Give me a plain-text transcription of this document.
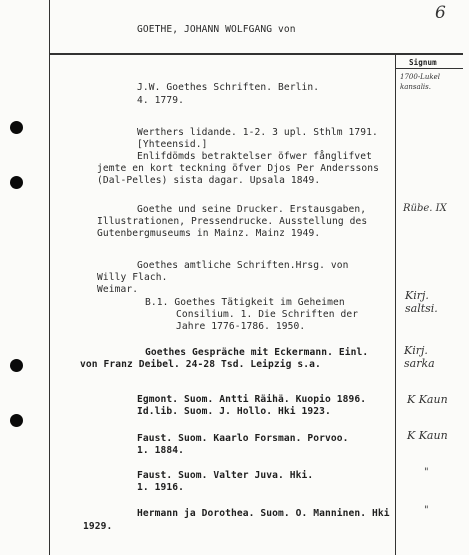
GOETHE, JOHANN WOLFGANG von
6
Signum
J.W. Goethes Schriften. Berlin.
4. 1779.
1700-Lukel
kansalis.
Werthers lidande. 1-2. 3 upl. Sthlm 1791.
[Yhteensid.]
Enlifdömds betraktelser öfwer fånglifvet
jemte en kort teckning öfver Djos Per Anderssons
(Dal-Pelles) sista dagar. Upsala 1849.
Goethe und seine Drucker. Erstausgaben,
Illustrationen, Pressendrucke. Ausstellung des
Gutenbergmuseums in Mainz. Mainz 1949.
Rübe. IX
Goethes amtliche Schriften.Hrsg. von
Willy Flach.
Weimar.
B.1. Goethes Tätigkeit im Geheimen
Consilium. 1. Die Schriften der
Jahre 1776-1786. 1950.
Kirj.
saltsi.
Goethes Gespräche mit Eckermann. Einl.
von Franz Deibel. 24-28 Tsd. Leipzig s.a.
Kirj.
sarka
Egmont. Suom. Antti Räihä. Kuopio 1896.
Id.lib. Suom. J. Hollo. Hki 1923.
K Kaun
Faust. Suom. Kaarlo Forsman. Porvoo.
1. 1884.
K Kaun
Faust. Suom. Valter Juva. Hki.
1. 1916.
"
Hermann ja Dorothea. Suom. O. Manninen. Hki
1929.
"
